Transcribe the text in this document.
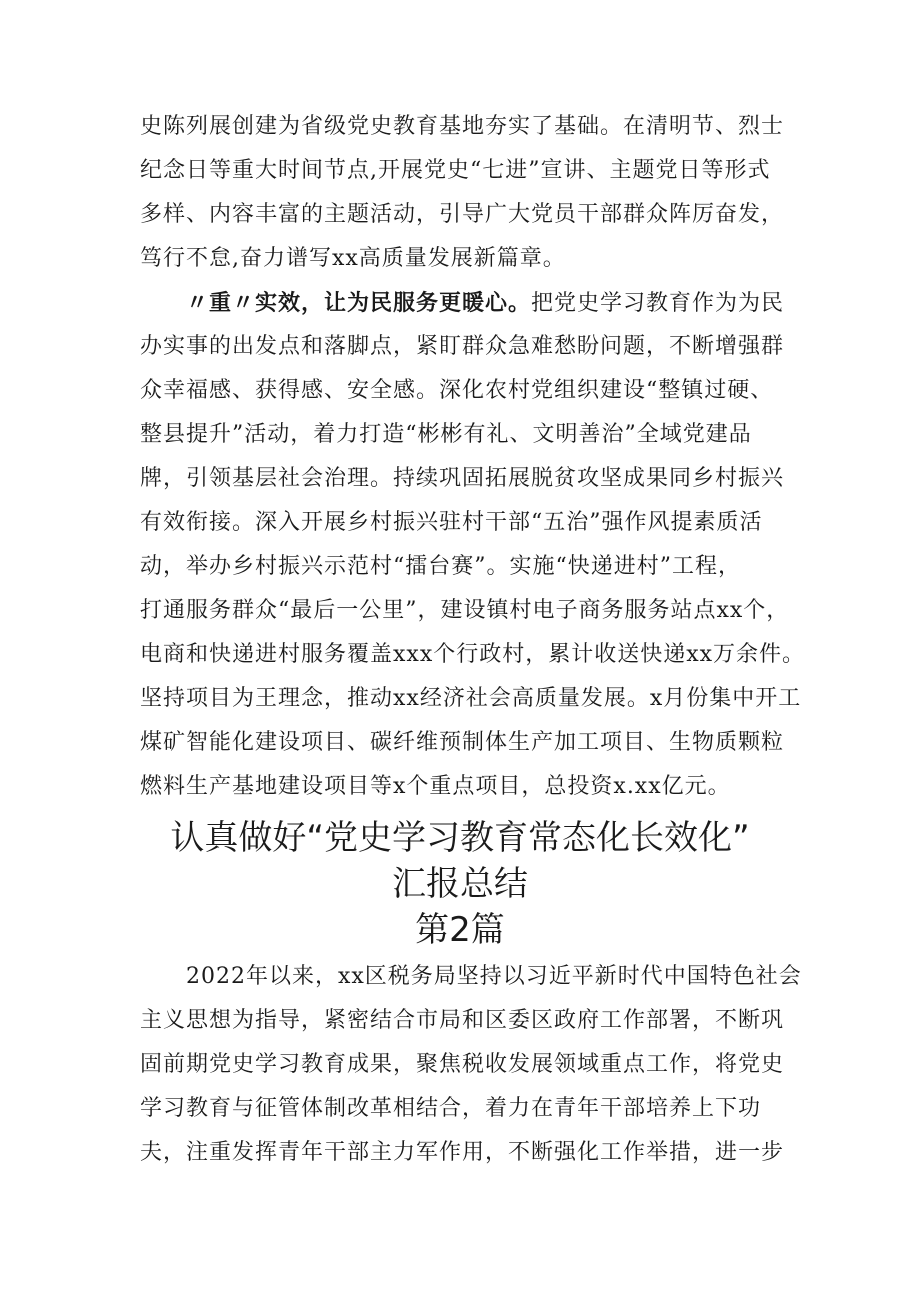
史陈列展创建为省级党史教育基地夯实了基础。在清明节、烈士
纪念日等重大时间节点,开展党史“七进”宣讲、主题党日等形式
多样、内容丰富的主题活动，引导广大党员干部群众阵厉奋发，
笃行不怠,奋力谱写xx高质量发展新篇章。
〃重〃实效，让为民服务更暖心。把党史学习教育作为为民
办实事的出发点和落脚点，紧盯群众急难愁盼问题，不断增强群
众幸福感、获得感、安全感。深化农村党组织建设“整镇过硬、
整县提升”活动，着力打造“彬彬有礼、文明善治”全域党建品
牌，引领基层社会治理。持续巩固拓展脱贫攻坚成果同乡村振兴
有效衔接。深入开展乡村振兴驻村干部“五治”强作风提素质活
动，举办乡村振兴示范村“擂台赛”。实施“快递进村”工程，
打通服务群众“最后一公里”，建设镇村电子商务服务站点xx个，
电商和快递进村服务覆盖xxx个行政村，累计收送快递xx万余件。
坚持项目为王理念，推动xx经济社会高质量发展。x月份集中开工
煤矿智能化建设项目、碳纤维预制体生产加工项目、生物质颗粒
燃料生产基地建设项目等x个重点项目，总投资x.xx亿元。
认真做好“党史学习教育常态化长效化”
汇报总结
第2篇
2022年以来，xx区税务局坚持以习近平新时代中国特色社会
主义思想为指导，紧密结合市局和区委区政府工作部署，不断巩
固前期党史学习教育成果，聚焦税收发展领域重点工作，将党史
学习教育与征管体制改革相结合，着力在青年干部培养上下功
夫，注重发挥青年干部主力军作用，不断强化工作举措，进一步
